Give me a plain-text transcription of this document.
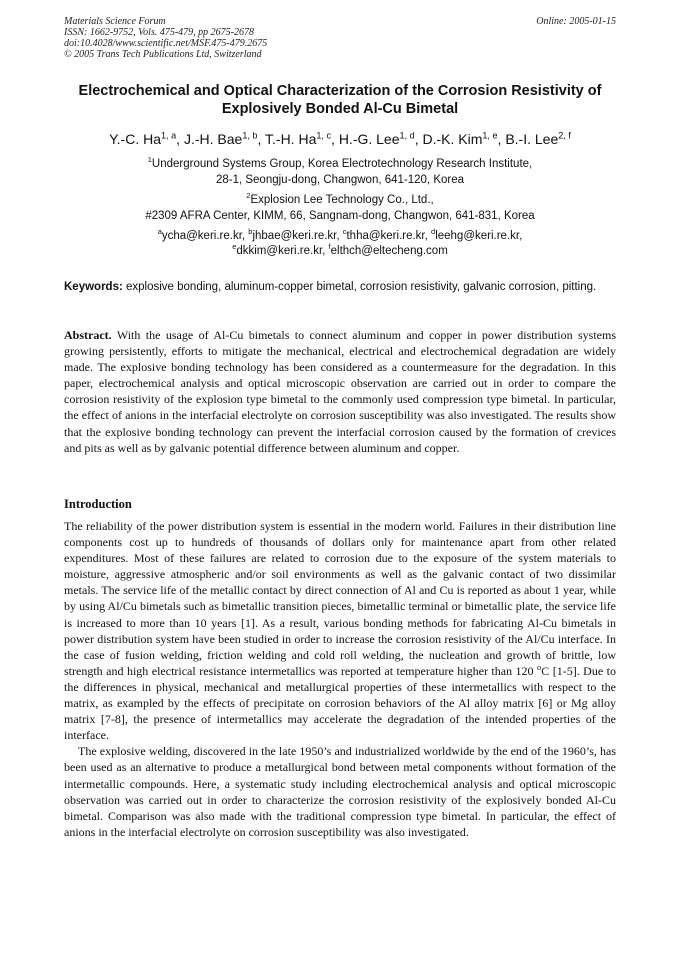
Materials Science Forum
ISSN: 1662-9752, Vols. 475-479, pp 2675-2678
doi:10.4028/www.scientific.net/MSF.475-479.2675
© 2005 Trans Tech Publications Ltd, Switzerland
Online: 2005-01-15
Electrochemical and Optical Characterization of the Corrosion Resistivity of Explosively Bonded Al-Cu Bimetal
Y.-C. Ha$^{1, a}$, J.-H. Bae$^{1, b}$, T.-H. Ha$^{1, c}$, H.-G. Lee$^{1, d}$, D.-K. Kim$^{1, e}$, B.-I. Lee$^{2, f}$
$^1$Underground Systems Group, Korea Electrotechnology Research Institute,
28-1, Seongju-dong, Changwon, 641-120, Korea
$^2$Explosion Lee Technology Co., Ltd.,
#2309 AFRA Center, KIMM, 66, Sangnam-dong, Changwon, 641-831, Korea
$^a$ycha@keri.re.kr, $^b$jhbae@keri.re.kr, $^c$thha@keri.re.kr, $^d$leehg@keri.re.kr,
$^e$dkkim@keri.re.kr, $^f$elthch@eltecheng.com
Keywords: explosive bonding, aluminum-copper bimetal, corrosion resistivity, galvanic corrosion, pitting.
Abstract. With the usage of Al-Cu bimetals to connect aluminum and copper in power distribution systems growing persistently, efforts to mitigate the mechanical, electrical and electrochemical degradation are widely made. The explosive bonding technology has been considered as a countermeasure for the degradation. In this paper, electrochemical analysis and optical microscopic observation are carried out in order to compare the corrosion resistivity of the explosion type bimetal to the commonly used compression type bimetal. In particular, the effect of anions in the interfacial electrolyte on corrosion susceptibility was also investigated. The results show that the explosive bonding technology can prevent the interfacial corrosion caused by the formation of crevices and pits as well as by galvanic potential difference between aluminum and copper.
Introduction

The reliability of the power distribution system is essential in the modern world. Failures in their distribution line components cost up to hundreds of thousands of dollars only for maintenance apart from other related expenditures. Most of these failures are related to corrosion due to the exposure of the system materials to moisture, aggressive atmospheric and/or soil environments as well as the galvanic contact of two dissimilar metals. The service life of the metallic contact by direct connection of Al and Cu is reported as about 1 year, while by using Al/Cu bimetals such as bimetallic transition pieces, bimetallic terminal or bimetallic plate, the service life is increased to more than 10 years [1]. As a result, various bonding methods for fabricating Al-Cu bimetals in power distribution system have been studied in order to increase the corrosion resistivity of the Al/Cu interface. In the case of fusion welding, friction welding and cold roll welding, the nucleation and growth of brittle, low strength and high electrical resistance intermetallics was reported at temperature higher than 120 $^o$C [1-5]. Due to the differences in physical, mechanical and metallurgical properties of these intermetallics with respect to the matrix, as exampled by the effects of precipitate on corrosion behaviors of the Al alloy matrix [6] or Mg alloy matrix [7-8], the presence of intermetallics may accelerate the degradation of the intended properties of the interface.

The explosive welding, discovered in the late 1950’s and industrialized worldwide by the end of the 1960’s, has been used as an alternative to produce a metallurgical bond between metal components without formation of the intermetallic compounds. Here, a systematic study including electrochemical analysis and optical microscopic observation was carried out in order to characterize the corrosion resistivity of the explosively bonded Al-Cu bimetal. Comparison was also made with the traditional compression type bimetal. In particular, the effect of anions in the interfacial electrolyte on corrosion susceptibility was also investigated.
